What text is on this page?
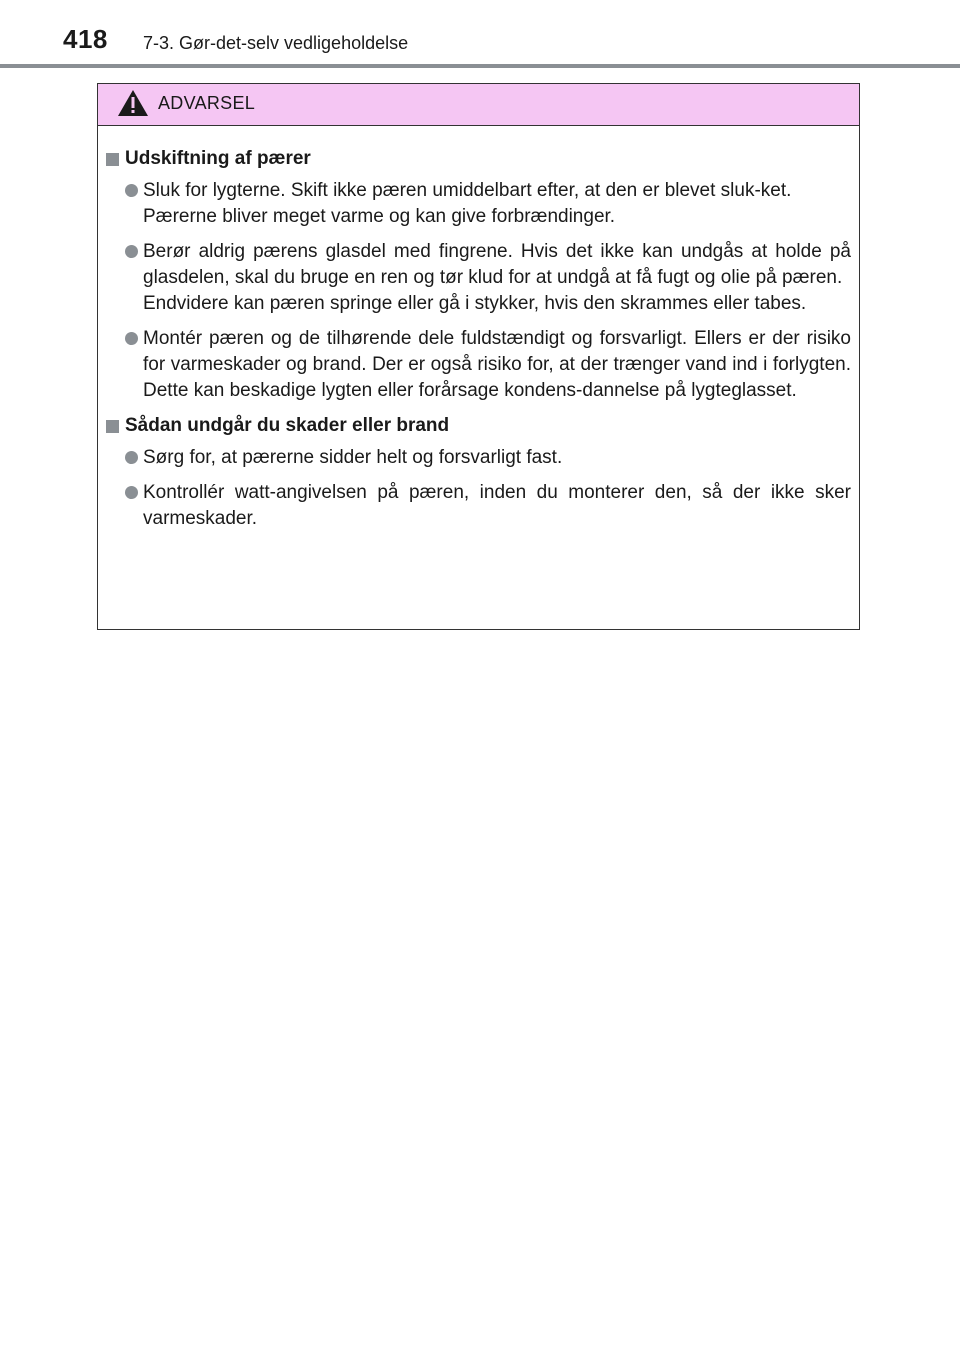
418 7-3. Gør-det-selv vedligeholdelse
ADVARSEL
Udskiftning af pærer

Sluk for lygterne. Skift ikke pæren umiddelbart efter, at den er blevet sluk-ket.

Pærerne bliver meget varme og kan give forbrændinger.

Berør aldrig pærens glasdel med fingrene. Hvis det ikke kan undgås at holde på glasdelen, skal du bruge en ren og tør klud for at undgå at få fugt og olie på pæren.

Endvidere kan pæren springe eller gå i stykker, hvis den skrammes eller tabes.

Montér pæren og de tilhørende dele fuldstændigt og forsvarligt. Ellers er der risiko for varmeskader og brand. Der er også risiko for, at der trænger vand ind i forlygten. Dette kan beskadige lygten eller forårsage kondens-dannelse på lygteglasset.

Sådan undgår du skader eller brand

Sørg for, at pærerne sidder helt og forsvarligt fast.

Kontrollér watt-angivelsen på pæren, inden du monterer den, så der ikke sker varmeskader.
